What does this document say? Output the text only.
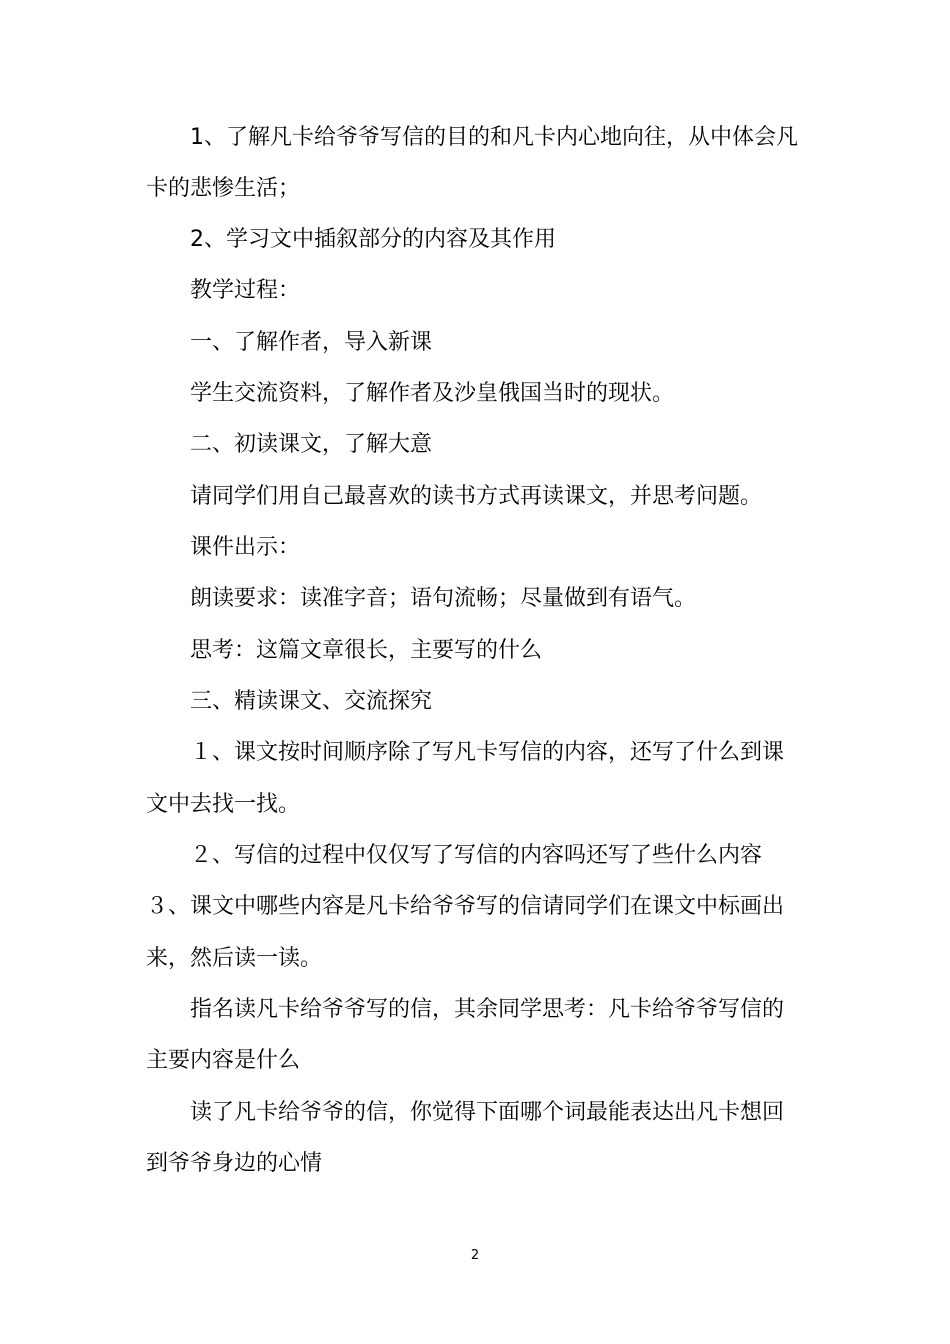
1、了解凡卡给爷爷写信的目的和凡卡内心地向往，从中体会凡
卡的悲惨生活；
2、学习文中插叙部分的内容及其作用
教学过程：
一、了解作者，导入新课
学生交流资料，了解作者及沙皇俄国当时的现状。
二、初读课文，了解大意
请同学们用自己最喜欢的读书方式再读课文，并思考问题。
课件出示：
朗读要求：读准字音；语句流畅；尽量做到有语气。
思考：这篇文章很长，主要写的什么
三、精读课文、交流探究
１、课文按时间顺序除了写凡卡写信的内容，还写了什么到课
文中去找一找。
２、写信的过程中仅仅写了写信的内容吗还写了些什么内容
３、课文中哪些内容是凡卡给爷爷写的信请同学们在课文中标画出
来，然后读一读。
指名读凡卡给爷爷写的信，其余同学思考：凡卡给爷爷写信的
主要内容是什么
读了凡卡给爷爷的信，你觉得下面哪个词最能表达出凡卡想回
到爷爷身边的心情
2
